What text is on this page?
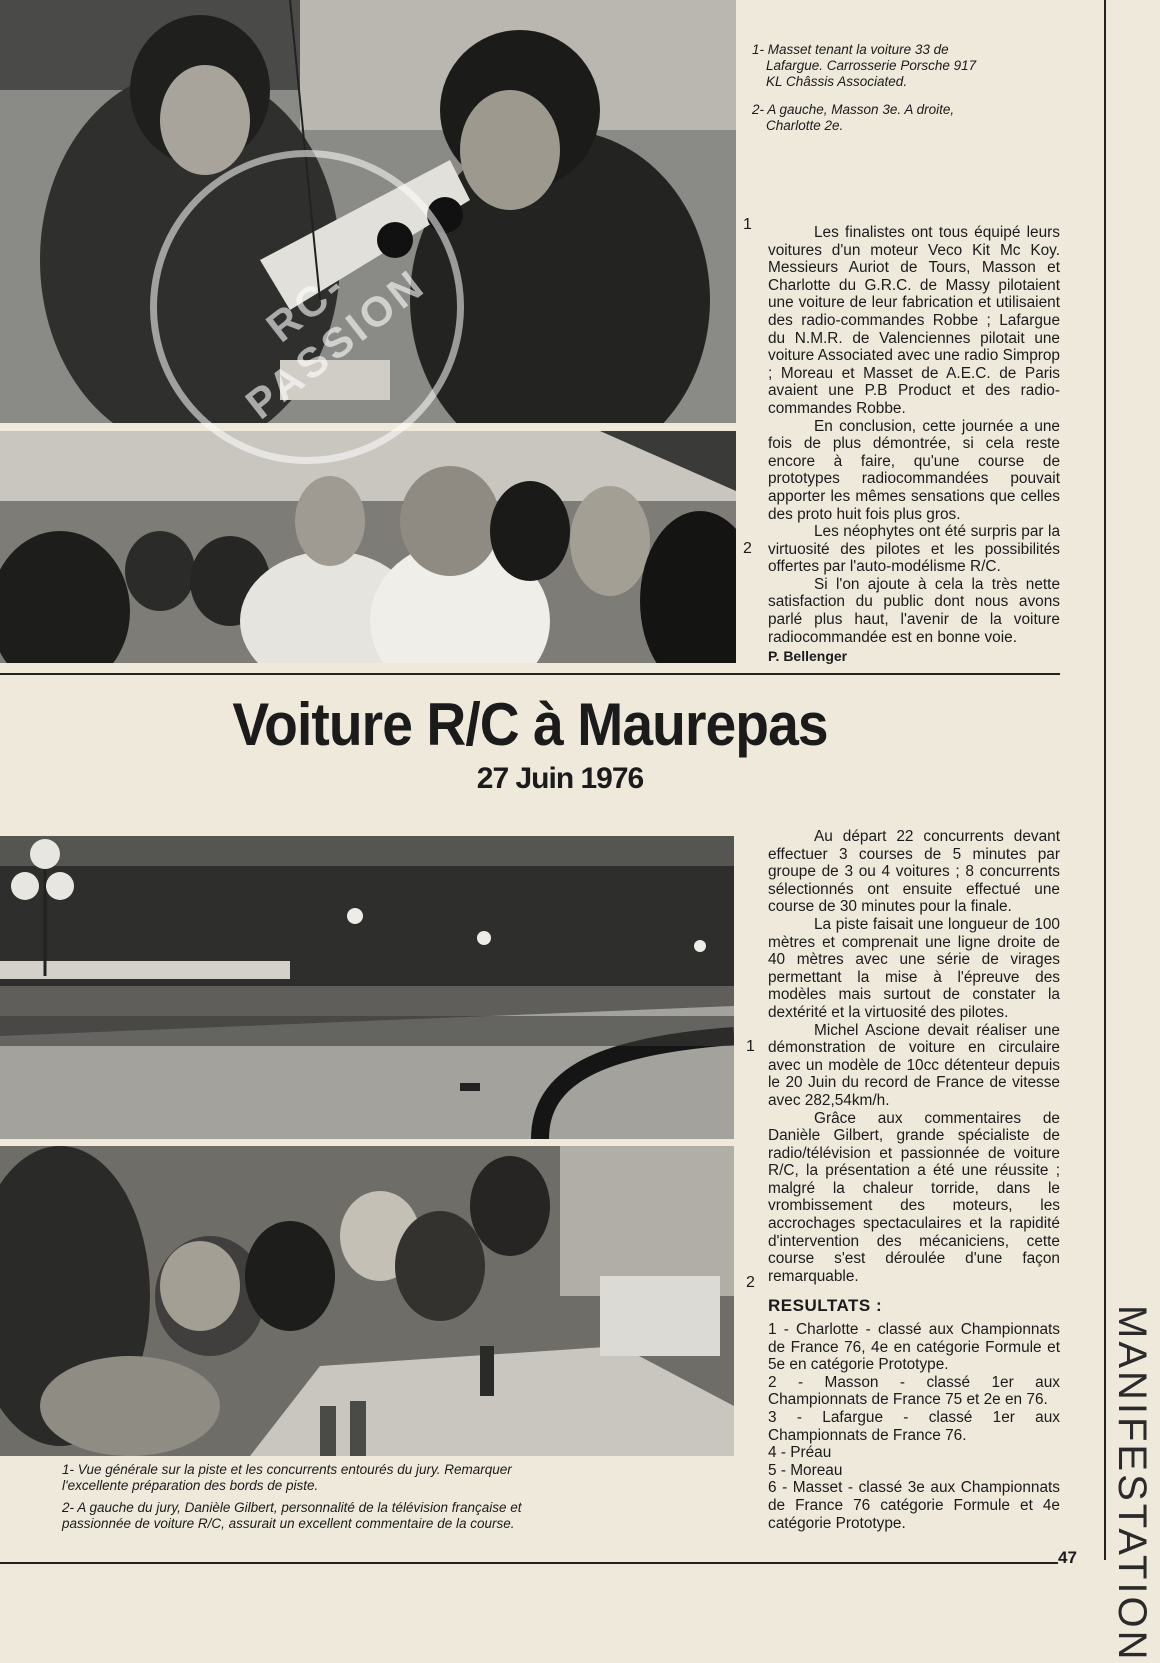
RC-PASSION

1- Masset tenant la voiture 33 de Lafargue. Carrosserie Porsche 917 KL Châssis Associated.

2- A gauche, Masson 3e. A droite, Charlotte 2e.

1
2

Les finalistes ont tous équipé leurs voitures d'un moteur Veco Kit Mc Koy. Messieurs Auriot de Tours, Masson et Charlotte du G.R.C. de Massy pilotaient une voiture de leur fabrication et utilisaient des radio-commandes Robbe ; Lafargue du N.M.R. de Valenciennes pilotait une voiture Associated avec une radio Simprop ; Moreau et Masset de A.E.C. de Paris avaient une P.B Product et des radio-commandes Robbe.

En conclusion, cette journée a une fois de plus démontrée, si cela reste encore à faire, qu'une course de prototypes radiocommandées pouvait apporter les mêmes sensations que celles des proto huit fois plus gros.

Les néophytes ont été surpris par la virtuosité des pilotes et les possibilités offertes par l'auto-modélisme R/C.

Si l'on ajoute à cela la très nette satisfaction du public dont nous avons parlé plus haut, l'avenir de la voiture radiocommandée est en bonne voie.

P. Bellenger
Voiture R/C à Maurepas
27 Juin 1976
1
2

Au départ 22 concurrents devant effectuer 3 courses de 5 minutes par groupe de 3 ou 4 voitures ; 8 concurrents sélectionnés ont ensuite effectué une course de 30 minutes pour la finale.

La piste faisait une longueur de 100 mètres et comprenait une ligne droite de 40 mètres avec une série de virages permettant la mise à l'épreuve des modèles mais surtout de constater la dextérité et la virtuosité des pilotes.

Michel Ascione devait réaliser une démonstration de voiture en circulaire avec un modèle de 10cc détenteur depuis le 20 Juin du record de France de vitesse avec 282,54km/h.

Grâce aux commentaires de Danièle Gilbert, grande spécialiste de radio/télévision et passionnée de voiture R/C, la présentation a été une réussite ; malgré la chaleur torride, dans le vrombissement des moteurs, les accrochages spectaculaires et la rapidité d'intervention des mécaniciens, cette course s'est déroulée d'une façon remarquable.

RESULTATS :
1 - Charlotte - classé aux Championnats de France 76, 4e en catégorie Formule et 5e en catégorie Prototype.
2 - Masson - classé 1er aux Championnats de France 75 et 2e en 76.
3 - Lafargue - classé 1er aux Championnats de France 76.
4 - Préau
5 - Moreau
6 - Masset - classé 3e aux Championnats de France 76 catégorie Formule et 4e catégorie Prototype.

1- Vue générale sur la piste et les concurrents entourés du jury. Remarquer l'excellente préparation des bords de piste.

2- A gauche du jury, Danièle Gilbert, personnalité de la télévision française et passionnée de voiture R/C, assurait un excellent commentaire de la course.

47 MANIFESTATION
